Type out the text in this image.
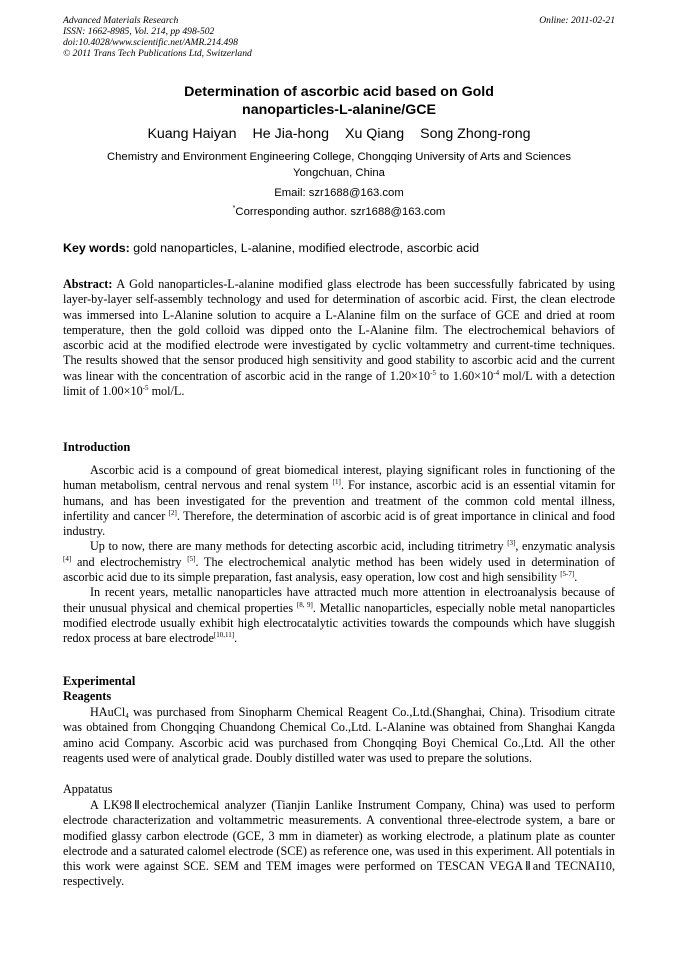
Advanced Materials Research
ISSN: 1662-8985, Vol. 214, pp 498-502
doi:10.4028/www.scientific.net/AMR.214.498
© 2011 Trans Tech Publications Ltd, Switzerland
Online: 2011-02-21
Determination of ascorbic acid based on Gold
nanoparticles-L-alanine/GCE
Kuang Haiyan He Jia-hong Xu Qiang Song Zhong-rong
Chemistry and Environment Engineering College, Chongqing University of Arts and Sciences
Yongchuan, China
Email: szr1688@163.com
*Corresponding author. szr1688@163.com
Key words: gold nanoparticles, L-alanine, modified electrode, ascorbic acid

Abstract: A Gold nanoparticles-L-alanine modified glass electrode has been successfully fabricated by using layer-by-layer self-assembly technology and used for determination of ascorbic acid. First, the clean electrode was immersed into L-Alanine solution to acquire a L-Alanine film on the surface of GCE and dried at room temperature, then the gold colloid was dipped onto the L-Alanine film. The electrochemical behaviors of ascorbic acid at the modified electrode were investigated by cyclic voltammetry and current-time techniques. The results showed that the sensor produced high sensitivity and good stability to ascorbic acid and the current was linear with the concentration of ascorbic acid in the range of $1.20\times 10^{-5}$ to $1.60\times 10^{-4}$ mol/L with a detection limit of $1.00\times 10^{-5}$ mol/L.

Introduction

Ascorbic acid is a compound of great biomedical interest, playing significant roles in functioning of the human metabolism, central nervous and renal system [1]. For instance, ascorbic acid is an essential vitamin for humans, and has been investigated for the prevention and treatment of the common cold mental illness, infertility and cancer [2]. Therefore, the determination of ascorbic acid is of great importance in clinical and food industry.

Up to now, there are many methods for detecting ascorbic acid, including titrimetry [3], enzymatic analysis [4] and electrochemistry [5]. The electrochemical analytic method has been widely used in determination of ascorbic acid due to its simple preparation, fast analysis, easy operation, low cost and high sensibility [5-7].

In recent years, metallic nanoparticles have attracted much more attention in electroanalysis because of their unusual physical and chemical properties [8, 9]. Metallic nanoparticles, especially noble metal nanoparticles modified electrode usually exhibit high electrocatalytic activities towards the compounds which have sluggish redox process at bare electrode[10,11].

Experimental
Reagents

HAuCl$_4$ was purchased from Sinopharm Chemical Reagent Co.,Ltd.(Shanghai, China). Trisodium citrate was obtained from Chongqing Chuandong Chemical Co.,Ltd. L-Alanine was obtained from Shanghai Kangda amino acid Company. Ascorbic acid was purchased from Chongqing Boyi Chemical Co.,Ltd. All the other reagents used were of analytical grade. Doubly distilled water was used to prepare the solutions.

Appatatus

A LK98Ⅱelectrochemical analyzer (Tianjin Lanlike Instrument Company, China) was used to perform electrode characterization and voltammetric measurements. A conventional three-electrode system, a bare or modified glassy carbon electrode (GCE, 3 mm in diameter) as working electrode, a platinum plate as counter electrode and a saturated calomel electrode (SCE) as reference one, was used in this experiment. All potentials in this work were against SCE. SEM and TEM images were performed on TESCAN VEGAⅡand TECNAI10, respectively.
